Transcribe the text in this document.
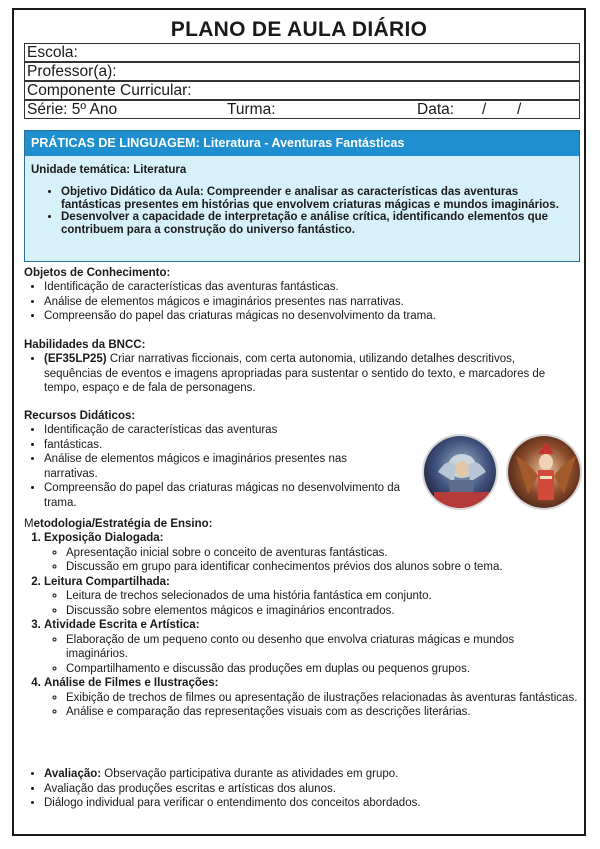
PLANO DE AULA DIÁRIO
Escola:
Professor(a):
Componente Curricular:
Série: 5º Ano	Turma:	Data: / /
PRÁTICAS DE LINGUAGEM: Literatura - Aventuras Fantásticas
Unidade temática: Literatura
• Objetivo Didático da Aula: Compreender e analisar as características das aventuras fantásticas presentes em histórias que envolvem criaturas mágicas e mundos imaginários.
• Desenvolver a capacidade de interpretação e análise crítica, identificando elementos que contribuem para a construção do universo fantástico.
Objetos de Conhecimento:
• Identificação de características das aventuras fantásticas.
• Análise de elementos mágicos e imaginários presentes nas narrativas.
• Compreensão do papel das criaturas mágicas no desenvolvimento da trama.
Habilidades da BNCC:
• (EF35LP25) Criar narrativas ficcionais, com certa autonomia, utilizando detalhes descritivos, sequências de eventos e imagens apropriadas para sustentar o sentido do texto, e marcadores de tempo, espaço e de fala de personagens.
Recursos Didáticos:
• Identificação de características das aventuras
• fantásticas.
• Análise de elementos mágicos e imaginários presentes nas narrativas.
• Compreensão do papel das criaturas mágicas no desenvolvimento da trama.
Metodologia/Estratégia de Ensino:
1. Exposição Dialogada:
◦ Apresentação inicial sobre o conceito de aventuras fantásticas.
◦ Discussão em grupo para identificar conhecimentos prévios dos alunos sobre o tema.
2. Leitura Compartilhada:
◦ Leitura de trechos selecionados de uma história fantástica em conjunto.
◦ Discussão sobre elementos mágicos e imaginários encontrados.
3. Atividade Escrita e Artística:
◦ Elaboração de um pequeno conto ou desenho que envolva criaturas mágicas e mundos imaginários.
◦ Compartilhamento e discussão das produções em duplas ou pequenos grupos.
4. Análise de Filmes e Ilustrações:
◦ Exibição de trechos de filmes ou apresentação de ilustrações relacionadas às aventuras fantásticas.
◦ Análise e comparação das representações visuais com as descrições literárias.
• Avaliação: Observação participativa durante as atividades em grupo.
• Avaliação das produções escritas e artísticas dos alunos.
• Diálogo individual para verificar o entendimento dos conceitos abordados.
